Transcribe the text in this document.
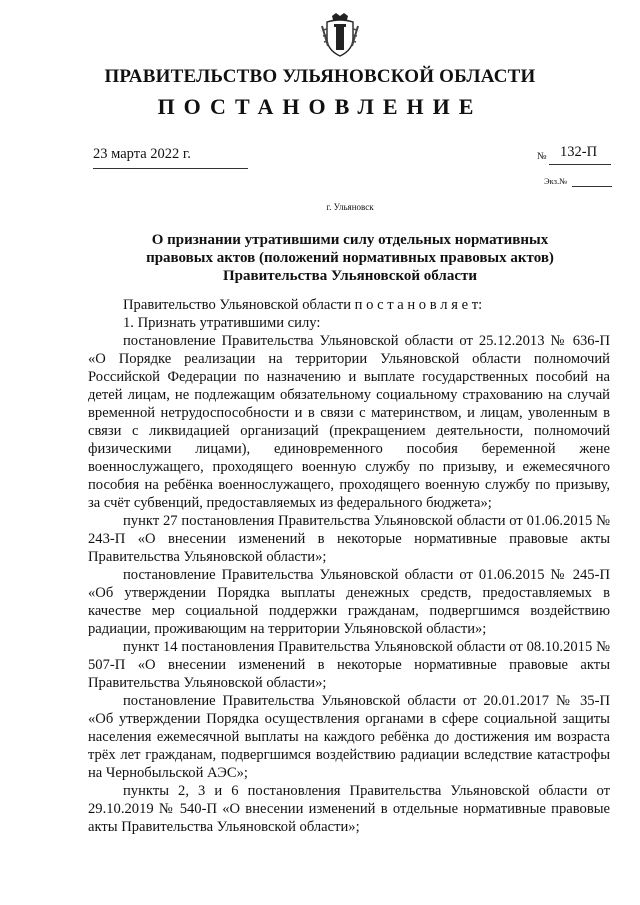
ПРАВИТЕЛЬСТВО УЛЬЯНОВСКОЙ ОБЛАСТИ
ПОСТАНОВЛЕНИЕ
23 марта 2022 г.	№ 132-П
Экз.№
г. Ульяновск
О признании утратившими силу отдельных нормативных
правовых актов (положений нормативных правовых актов)
Правительства Ульяновской области

Правительство Ульяновской области п о с т а н о в л я е т:

1. Признать утратившими силу:

постановление Правительства Ульяновской области от 25.12.2013 № 636-П «О Порядке реализации на территории Ульяновской области полномочий Российской Федерации по назначению и выплате государственных пособий на детей лицам, не подлежащим обязательному социальному страхованию на случай временной нетрудоспособности и в связи с материнством, и лицам, уволенным в связи с ликвидацией организаций (прекращением деятельности, полномочий физическими лицами), единовременного пособия беременной жене военнослужащего, проходящего военную службу по призыву, и ежемесячного пособия на ребёнка военнослужащего, проходящего военную службу по призыву, за счёт субвенций, предоставляемых из федерального бюджета»;

пункт 27 постановления Правительства Ульяновской области от 01.06.2015 № 243-П «О внесении изменений в некоторые нормативные правовые акты Правительства Ульяновской области»;

постановление Правительства Ульяновской области от 01.06.2015 № 245-П «Об утверждении Порядка выплаты денежных средств, предоставляемых в качестве мер социальной поддержки гражданам, подвергшимся воздействию радиации, проживающим на территории Ульяновской области»;

пункт 14 постановления Правительства Ульяновской области от 08.10.2015 № 507-П «О внесении изменений в некоторые нормативные правовые акты Правительства Ульяновской области»;

постановление Правительства Ульяновской области от 20.01.2017 № 35-П «Об утверждении Порядка осуществления органами в сфере социальной защиты населения ежемесячной выплаты на каждого ребёнка до достижения им возраста трёх лет гражданам, подвергшимся воздействию радиации вследствие катастрофы на Чернобыльской АЭС»;

пункты 2, 3 и 6 постановления Правительства Ульяновской области от 29.10.2019 № 540-П «О внесении изменений в отдельные нормативные правовые акты Правительства Ульяновской области»;
